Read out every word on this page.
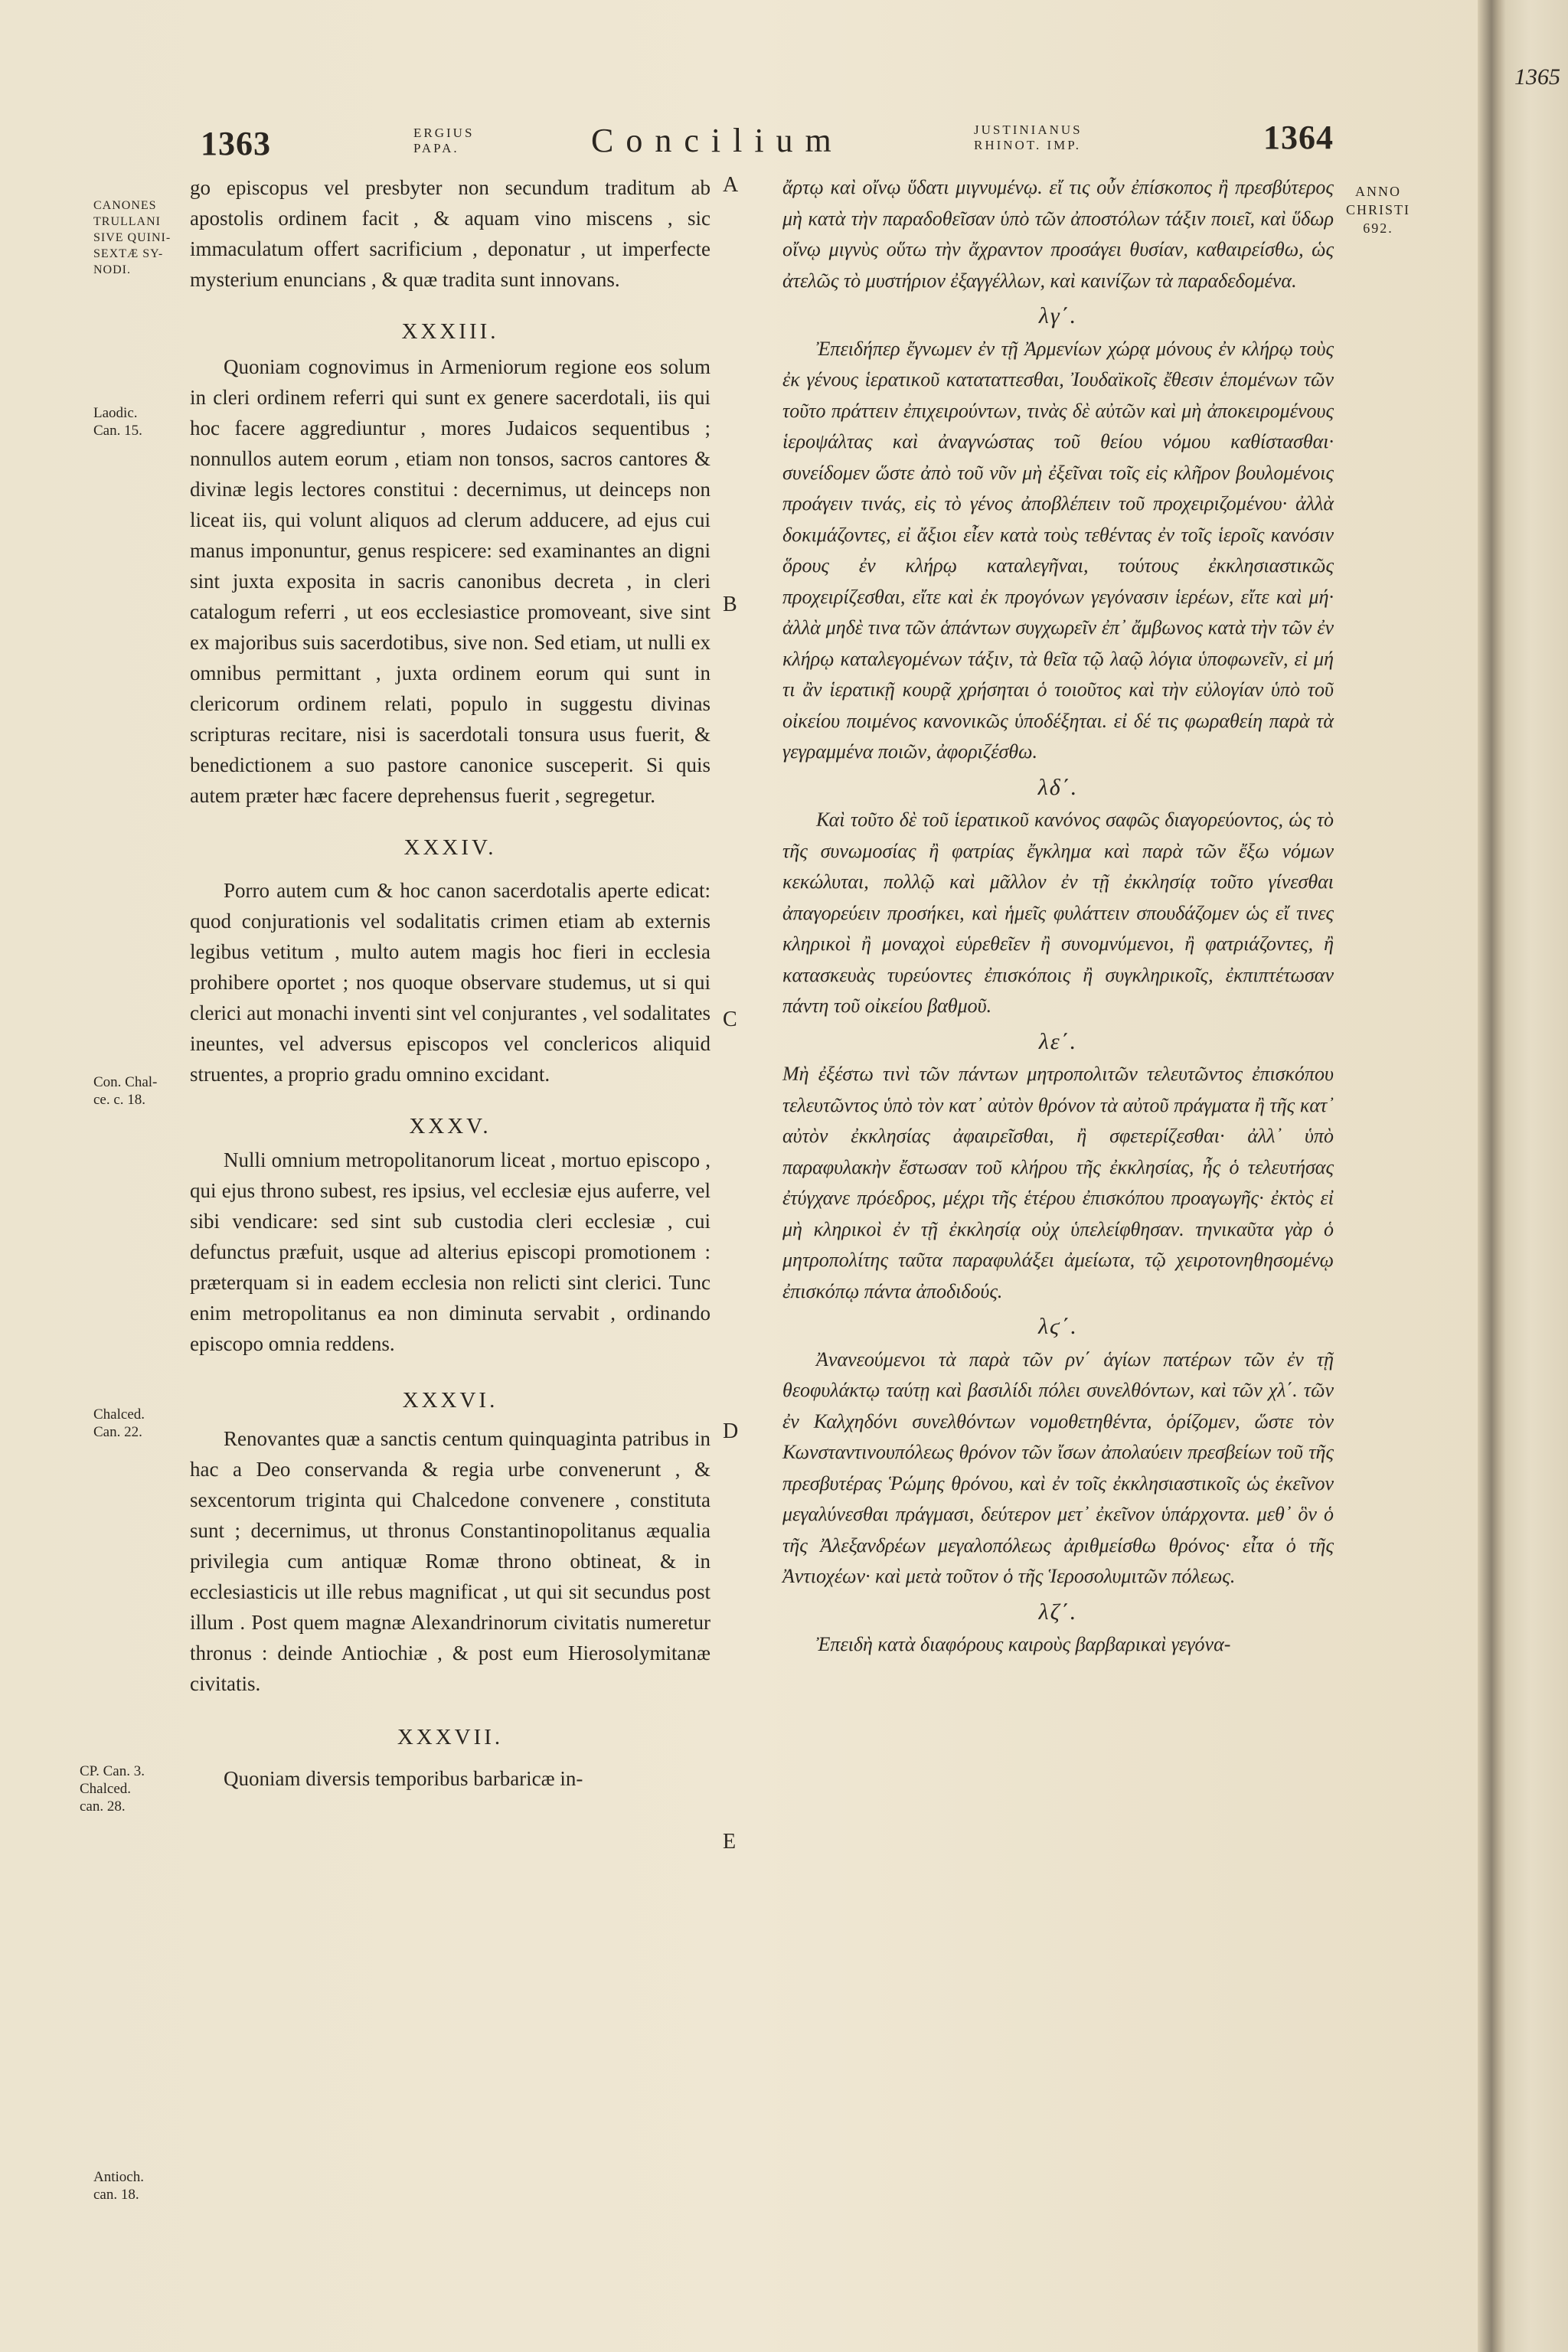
1363	ERGIUS
PAPA.	Concilium	JUSTINIANUS
RHINOT. IMP.	1364
ANNO
CHRISTI
692.
CANONES
TRULLANI
SIVE QUINI-
SEXTÆ SY-
NODI.
Laodic.
Can. 15.
Con. Chal-
ce. c. 18.
Chalced.
Can. 22.
CP. Can. 3.
Chalced.
can. 28.
Antioch.
can. 18.
A
B
C
D
E

go episcopus vel presbyter non secundum traditum ab apostolis ordinem facit , & aquam vino miscens , sic immaculatum offert sacrificium , deponatur , ut imperfecte mysterium enuncians , & quæ tradita sunt innovans.

XXXIII.

Quoniam cognovimus in Armeniorum regione eos solum in cleri ordinem referri qui sunt ex genere sacerdotali, iis qui hoc facere aggrediuntur , mores Judaicos sequentibus ; nonnullos autem eorum , etiam non tonsos, sacros cantores & divinæ legis lectores constitui : decernimus, ut deinceps non liceat iis, qui volunt aliquos ad clerum adducere, ad ejus cui manus imponuntur, genus respicere: sed examinantes an digni sint juxta exposita in sacris canonibus decreta , in cleri catalogum referri , ut eos ecclesiastice promoveant, sive sint ex majoribus suis sacerdotibus, sive non. Sed etiam, ut nulli ex omnibus permittant , juxta ordinem eorum qui sunt in clericorum ordinem relati, populo in suggestu divinas scripturas recitare, nisi is sacerdotali tonsura usus fuerit, & benedictionem a suo pastore canonice susceperit. Si quis autem præter hæc facere deprehensus fuerit , segregetur.

XXXIV.

Porro autem cum & hoc canon sacerdotalis aperte edicat: quod conjurationis vel sodalitatis crimen etiam ab externis legibus vetitum , multo autem magis hoc fieri in ecclesia prohibere oportet ; nos quoque observare studemus, ut si qui clerici aut monachi inventi sint vel conjurantes , vel sodalitates ineuntes, vel adversus episcopos vel conclericos aliquid struentes, a proprio gradu omnino excidant.

XXXV.

Nulli omnium metropolitanorum liceat , mortuo episcopo , qui ejus throno subest, res ipsius, vel ecclesiæ ejus auferre, vel sibi vendicare: sed sint sub custodia cleri ecclesiæ , cui defunctus præfuit, usque ad alterius episcopi promotionem : præterquam si in eadem ecclesia non relicti sint clerici. Tunc enim metropolitanus ea non diminuta servabit , ordinando episcopo omnia reddens.

XXXVI.

Renovantes quæ a sanctis centum quinquaginta patribus in hac a Deo conservanda & regia urbe convenerunt , & sexcentorum triginta qui Chalcedone convenere , constituta sunt ; decernimus, ut thronus Constantinopolitanus æqualia privilegia cum antiquæ Romæ throno obtineat, & in ecclesiasticis ut ille rebus magnificat , ut qui sit secundus post illum . Post quem magnæ Alexandrinorum civitatis numeretur thronus : deinde Antiochiæ , & post eum Hierosolymitanæ civitatis.

XXXVII.

Quoniam diversis temporibus barbaricæ in-

ἄρτῳ καὶ οἴνῳ ὕδατι μιγνυμένῳ. εἴ τις οὖν ἐπίσκοπος ἢ πρεσβύτερος μὴ κατὰ τὴν παραδοθεῖσαν ὑπὸ τῶν ἀποστόλων τάξιν ποιεῖ, καὶ ὕδωρ οἴνῳ μιγνὺς οὕτω τὴν ἄχραντον προσάγει θυσίαν, καθαιρείσθω, ὡς ἀτελῶς τὸ μυστήριον ἐξαγγέλλων, καὶ καινίζων τὰ παραδεδομένα.

λγ΄.

Ἐπειδήπερ ἔγνωμεν ἐν τῇ Ἀρμενίων χώρᾳ μόνους ἐν κλήρῳ τοὺς ἐκ γένους ἱερατικοῦ καταταττεσθαι, Ἰουδαϊκοῖς ἔθεσιν ἑπομένων τῶν τοῦτο πράττειν ἐπιχειρούντων, τινὰς δὲ αὐτῶν καὶ μὴ ἀποκειρομένους ἱεροψάλτας καὶ ἀναγνώστας τοῦ θείου νόμου καθίστασθαι· συνείδομεν ὥστε ἀπὸ τοῦ νῦν μὴ ἐξεῖναι τοῖς εἰς κλῆρον βουλομένοις προάγειν τινάς, εἰς τὸ γένος ἀποβλέπειν τοῦ προχειριζομένου· ἀλλὰ δοκιμάζοντες, εἰ ἄξιοι εἶεν κατὰ τοὺς τεθέντας ἐν τοῖς ἱεροῖς κανόσιν ὅρους ἐν κλήρῳ καταλεγῆναι, τούτους ἐκκλησιαστικῶς προχειρίζεσθαι, εἴτε καὶ ἐκ προγόνων γεγόνασιν ἱερέων, εἴτε καὶ μή· ἀλλὰ μηδὲ τινα τῶν ἁπάντων συγχωρεῖν ἐπ᾽ ἄμβωνος κατὰ τὴν τῶν ἐν κλήρῳ καταλεγομένων τάξιν, τὰ θεῖα τῷ λαῷ λόγια ὑποφωνεῖν, εἰ μή τι ἂν ἱερατικῇ κουρᾷ χρήσηται ὁ τοιοῦτος καὶ τὴν εὐλογίαν ὑπὸ τοῦ οἰκείου ποιμένος κανονικῶς ὑποδέξηται. εἰ δέ τις φωραθείη παρὰ τὰ γεγραμμένα ποιῶν, ἀφοριζέσθω.

λδ΄.

Καὶ τοῦτο δὲ τοῦ ἱερατικοῦ κανόνος σαφῶς διαγορεύοντος, ὡς τὸ τῆς συνωμοσίας ἢ φατρίας ἔγκλημα καὶ παρὰ τῶν ἔξω νόμων κεκώλυται, πολλῷ καὶ μᾶλλον ἐν τῇ ἐκκλησίᾳ τοῦτο γίνεσθαι ἀπαγορεύειν προσήκει, καὶ ἡμεῖς φυλάττειν σπουδάζομεν ὡς εἴ τινες κληρικοὶ ἢ μοναχοὶ εὑρεθεῖεν ἢ συνομνύμενοι, ἢ φατριάζοντες, ἢ κατασκευὰς τυρεύοντες ἐπισκόποις ἢ συγκληρικοῖς, ἐκπιπτέτωσαν πάντη τοῦ οἰκείου βαθμοῦ.

λε΄.

Μὴ ἐξέστω τινὶ τῶν πάντων μητροπολιτῶν τελευτῶντος ἐπισκόπου τελευτῶντος ὑπὸ τὸν κατ᾽ αὐτὸν θρόνον τὰ αὐτοῦ πράγματα ἢ τῆς κατ᾽ αὐτὸν ἐκκλησίας ἀφαιρεῖσθαι, ἢ σφετερίζεσθαι· ἀλλ᾽ ὑπὸ παραφυλακὴν ἔστωσαν τοῦ κλήρου τῆς ἐκκλησίας, ἧς ὁ τελευτήσας ἐτύγχανε πρόεδρος, μέχρι τῆς ἑτέρου ἐπισκόπου προαγωγῆς· ἐκτὸς εἰ μὴ κληρικοὶ ἐν τῇ ἐκκλησίᾳ οὐχ ὑπελείφθησαν. τηνικαῦτα γὰρ ὁ μητροπολίτης ταῦτα παραφυλάξει ἀμείωτα, τῷ χειροτονηθησομένῳ ἐπισκόπῳ πάντα ἀποδιδούς.

λϛ΄.

Ἀνανεούμενοι τὰ παρὰ τῶν ρν΄ ἁγίων πατέρων τῶν ἐν τῇ θεοφυλάκτῳ ταύτῃ καὶ βασιλίδι πόλει συνελθόντων, καὶ τῶν χλ΄. τῶν ἐν Καλχηδόνι συνελθόντων νομοθετηθέντα, ὁρίζομεν, ὥστε τὸν Κωνσταντινουπόλεως θρόνον τῶν ἴσων ἀπολαύειν πρεσβείων τοῦ τῆς πρεσβυτέρας Ῥώμης θρόνου, καὶ ἐν τοῖς ἐκκλησιαστικοῖς ὡς ἐκεῖνον μεγαλύνεσθαι πράγμασι, δεύτερον μετ᾽ ἐκεῖνον ὑπάρχοντα. μεθ᾽ ὃν ὁ τῆς Ἀλεξανδρέων μεγαλοπόλεως ἀριθμείσθω θρόνος· εἶτα ὁ τῆς Ἀντιοχέων· καὶ μετὰ τοῦτον ὁ τῆς Ἱεροσολυμιτῶν πόλεως.

λζ΄.

Ἐπειδὴ κατὰ διαφόρους καιροὺς βαρβαρικαὶ γεγόνα-

1365
